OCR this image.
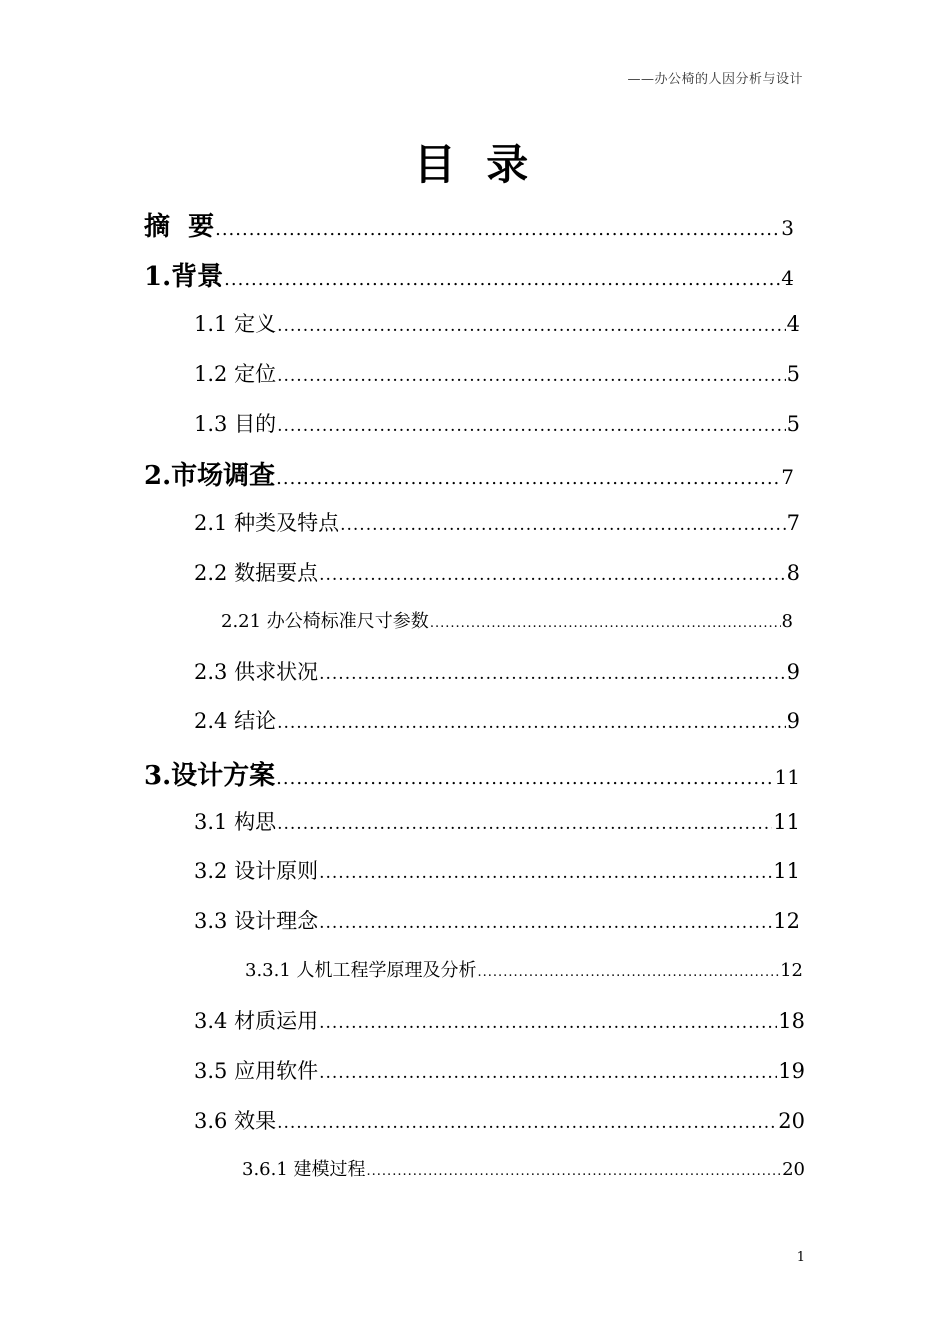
——办公椅的人因分析与设计
目 录
摘  要 .....	3
1.背景 .....	4
1.1 定义 .....	4
1.2 定位 .....	5
1.3 目的 .....	5
2.市场调查 .....	7
2.1 种类及特点 .....	7
2.2 数据要点 .....	8
2.21 办公椅标准尺寸参数 .....	8
2.3 供求状况 .....	9
2.4 结论 .....	9
3.设计方案 .....	11
3.1 构思 .....	11
3.2 设计原则 .....	11
3.3 设计理念 .....	12
3.3.1 人机工程学原理及分析 .....	12
3.4 材质运用 .....	18
3.5 应用软件 .....	19
3.6 效果 .....	20
3.6.1 建模过程 .....	20
1
